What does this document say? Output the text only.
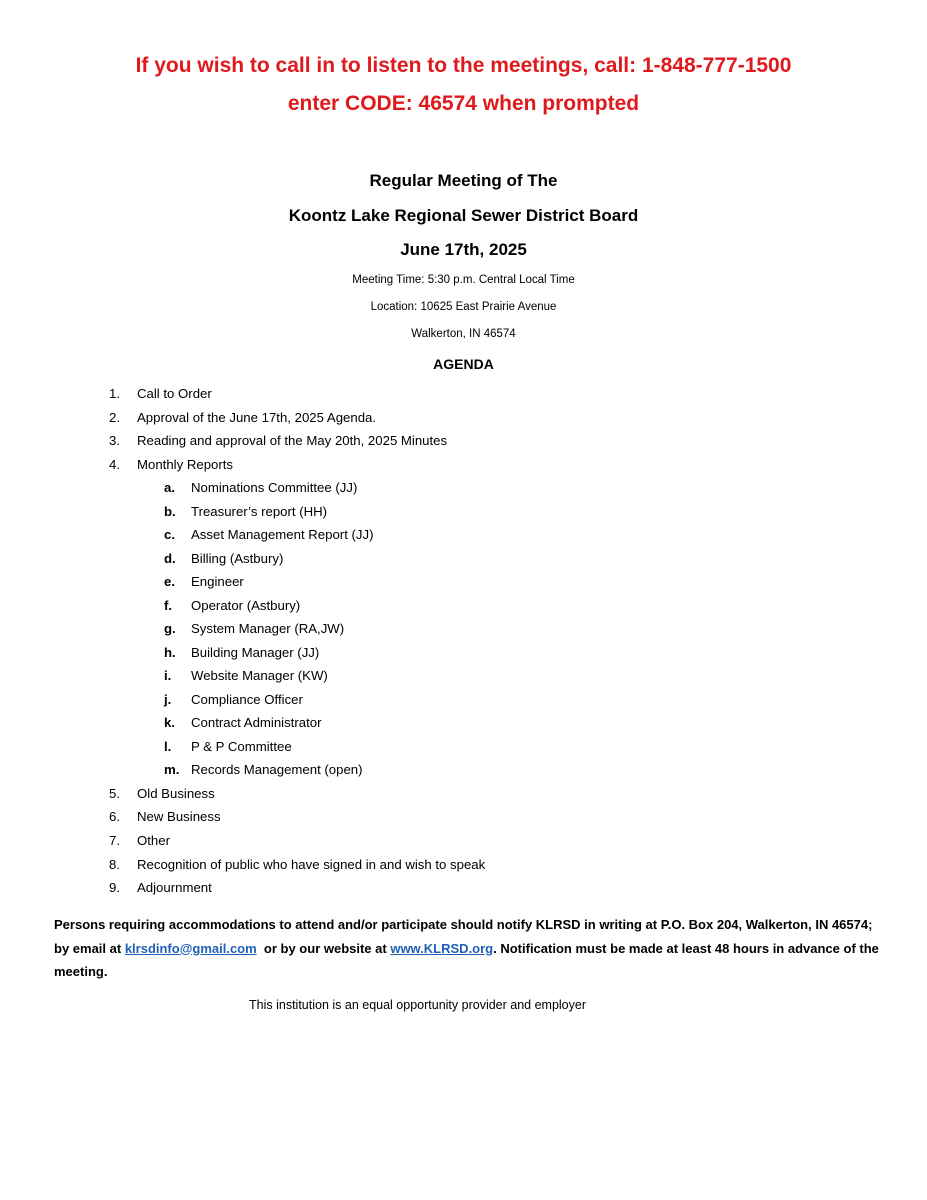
If you wish to call in to listen to the meetings, call: 1-848-777-1500
enter CODE: 46574 when prompted
Regular Meeting of The
Koontz Lake Regional Sewer District Board
June 17th, 2025
Meeting Time: 5:30 p.m. Central Local Time
Location: 10625 East Prairie Avenue
Walkerton, IN 46574
AGENDA
1. Call to Order
2. Approval of the June 17th, 2025 Agenda.
3. Reading and approval of the May 20th, 2025 Minutes
4. Monthly Reports
a. Nominations Committee (JJ)
b. Treasurer’s report (HH)
c. Asset Management Report (JJ)
d. Billing (Astbury)
e. Engineer
f. Operator (Astbury)
g. System Manager (RA,JW)
h. Building Manager (JJ)
i. Website Manager (KW)
j. Compliance Officer
k. Contract Administrator
l. P & P Committee
m. Records Management (open)
5. Old Business
6. New Business
7. Other
8. Recognition of public who have signed in and wish to speak
9. Adjournment
Persons requiring accommodations to attend and/or participate should notify KLRSD in writing at P.O. Box 204, Walkerton, IN 46574; by email at klrsdinfo@gmail.com  or by our website at www.KLRSD.org. Notification must be made at least 48 hours in advance of the meeting.
This institution is an equal opportunity provider and employer
